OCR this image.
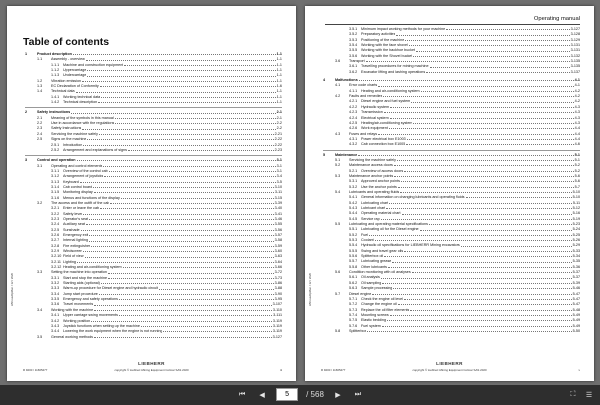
Table of contents
1	Product description	1-1
1.1	Assembly - overview	1-1
1.1.1	Machine and construction equipment	1-1
1.1.2	Uppercarriage	1-1
1.1.3	Undercarriage	1-1
1.2	Vibration emission	1-1
1.3	EC Declaration of Conformity	1-6
1.4	Technical data	1-1
1.4.1	Working technical data	1-1
1.4.2	Technical description	1-1
2	Safety instructions	2-1
2.1	Meaning of the symbols in this manual	2-1
2.2	Use in accordance with the regulations	2-2
2.3	Safety Instructions	2-2
2.4	Servicing the machine safely	2-21
2.5	Signs on the machine	2-22
2.5.1	Introduction	2-22
2.5.2	Arrangement and explanations of signs	2-23
3	Control and operation	3-1
3.1	Operating and control elements	3-1
3.1.1	Overview of the control cab	3-1
3.1.2	Arrangement of joysticks	3-4
3.1.3	Keyboard	3-5
3.1.4	Cab control board	3-10
3.1.5	Monitoring display	3-11
3.1.6	Menus and functions of the display	3-15
3.2	The access and the outfit of the cab	3-39
3.2.1	Enter or leave the cab	3-40
3.2.2	Safety lever	3-41
3.2.3	Operator's seat	3-46
3.2.4	Auxiliary seat	3-55
3.2.5	Sunshade	3-56
3.2.6	Emergency exit	3-57
3.2.7	Internal lighting	3-58
3.2.8	Fire extinguisher	3-59
3.2.9	Windscreen	3-60
3.2.10 Field of view	3-63
3.2.11 Lighting	3-64
3.2.12 Heating and air-conditioning system	3-66
3.3	Setting the machine into operation	3-72
3.3.1	Start and stop the machine	3-73
3.3.2	Starting aids (optional)	3-86
3.3.3	Warm-up procedure for Diesel engine and hydraulic circuit	3-88
3.3.4	Jump start procedure	3-90
3.3.5	Emergency and safety operations	3-95
3.3.6	Travel movements	3-107
3.4	Working with the machine	3-110
3.4.1	Upper carriage swing movements	3-111
3.4.2	Working position	3-119
3.4.3	Joystick functions when setting up the machine	3-119
3.4.4	Lowering the work equipment when the engine is not running	3-119
3.5	General working methods	3-127
LBCouvOpMan / 12 / 2020
R 9200 / 11665477	copyright © Liebherr-Mining Equipment Colmar SAS 2020
LIEBHERR
iii
Operating manual
3.5.1	Minimum impact working methods for your machine	3-127
3.5.2	Preparatory activities	3-128
3.5.3	Positioning of the machine	3-129
3.5.4	Working with the face shovel	3-131
3.5.5	Working with the backhoe bucket	3-131
3.5.6	Working with the Shovel bucket	3-132
3.6	Transport	3-135
3.6.1	Travelling procedures for mining machine	3-135
3.6.2	Excavator lifting and lashing operations	3-137
4	Malfunctions	4-1
4.1	Error code charts	4-1
4.1.1	Heating and air-conditioning system	4-2
4.2	Faults and remedies	4-2
4.2.1	Diesel engine and fuel system	4-2
4.2.2	Hydraulic system	4-3
4.2.3	Transmission	4-3
4.2.4	Electrical system	4-3
4.2.5	Heating/air-conditioning system	4-3
4.2.6	Work equipment	4-4
4.3	Fuses and relays	4-4
4.3.1	Power electrical box E1003	4-4
4.3.2	Cab connection box E1005	4-6
5	Maintenance	5-1
5.1	Servicing the machine safely	5-1
5.2	Maintenance access doors	5-2
5.2.1	Overview of access doors	5-2
5.3	Maintenance anchor points	5-6
5.3.1	Approved anchor points	5-6
5.3.2	Use the anchor points	5-7
5.4	Lubricants and operating fluids	5-10
5.4.1	General information on changing lubricants and operating fluids	5-10
5.4.2	Lubricating chart	5-11
5.4.3	Lubricant chart	5-12
5.4.4	Operating material chart	5-16
5.4.5	Service rap	5-19
5.5	Lubricating and operating material specifications	5-23
5.5.1	Lubricating oil for the Diesel engine	5-24
5.5.2	Fuel	5-25
5.5.3	Coolant	5-26
5.5.4	Hydraulic oil specifications for LIEBHERR Mining excavators	5-29
5.5.5	Swing and travel gear oils	5-33
5.5.6	Splitterbox oil	5-34
5.5.7	Lubricating grease	5-35
5.5.8	Other lubricants	5-36
5.6	Condition monitoring with oil analyses	5-37
5.6.1	Oil analysis	5-37
5.6.2	Oil sampling	5-39
5.6.3	Sample processing	5-46
5.7	Diesel engine	5-47
5.7.1	Check the engine oil level	5-47
5.7.2	Change the engine oil	5-47
5.7.3	Replace the oil filter elements	5-48
5.7.4	Mounting screws	5-49
5.7.5	Elastic bedding	5-49
5.7.6	Fuel system	5-49
5.8	Splitterbox	5-50
LBCouvOpMan / 12 / 2020
R 9200 / 11665477	copyright © Liebherr-Mining Equipment Colmar SAS 2020
LIEBHERR
v
⏮	◀
5	/ 568	▶	⏭	⛶	☰
